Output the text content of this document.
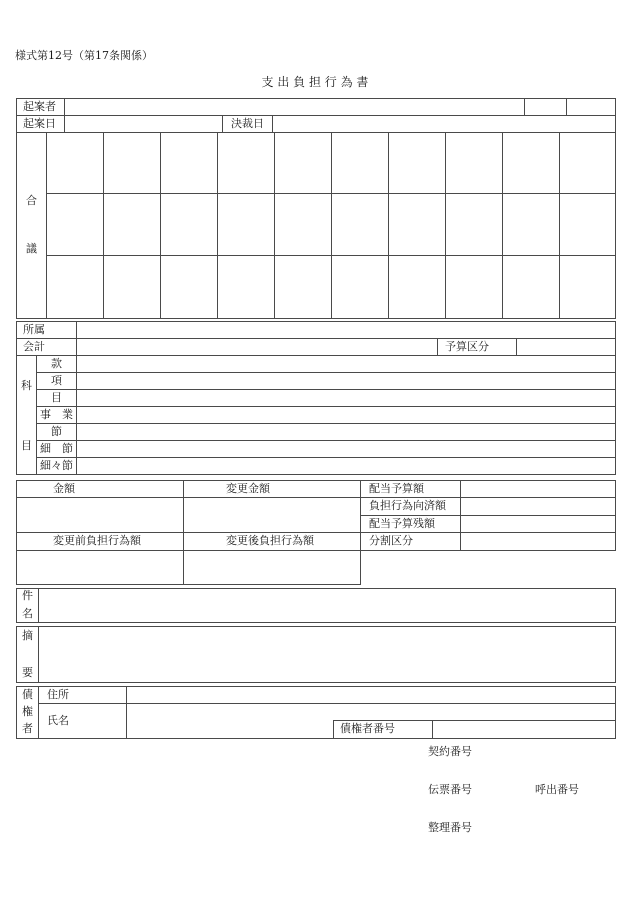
様式第12号（第17条関係）
支 出 負 担 行 為 書
起案者
起案日	決裁日
合
議
所属
会計	予算区分
科
目
款
項
目
事　業
節
細　節
細々節
金額	変更金額
変更前負担行為額	変更後負担行為額
配当予算額
負担行為向済額
配当予算残額
分割区分
件
名
摘
要
債
権
者
住所
氏名
債権者番号
契約番号
伝票番号	呼出番号
整理番号
